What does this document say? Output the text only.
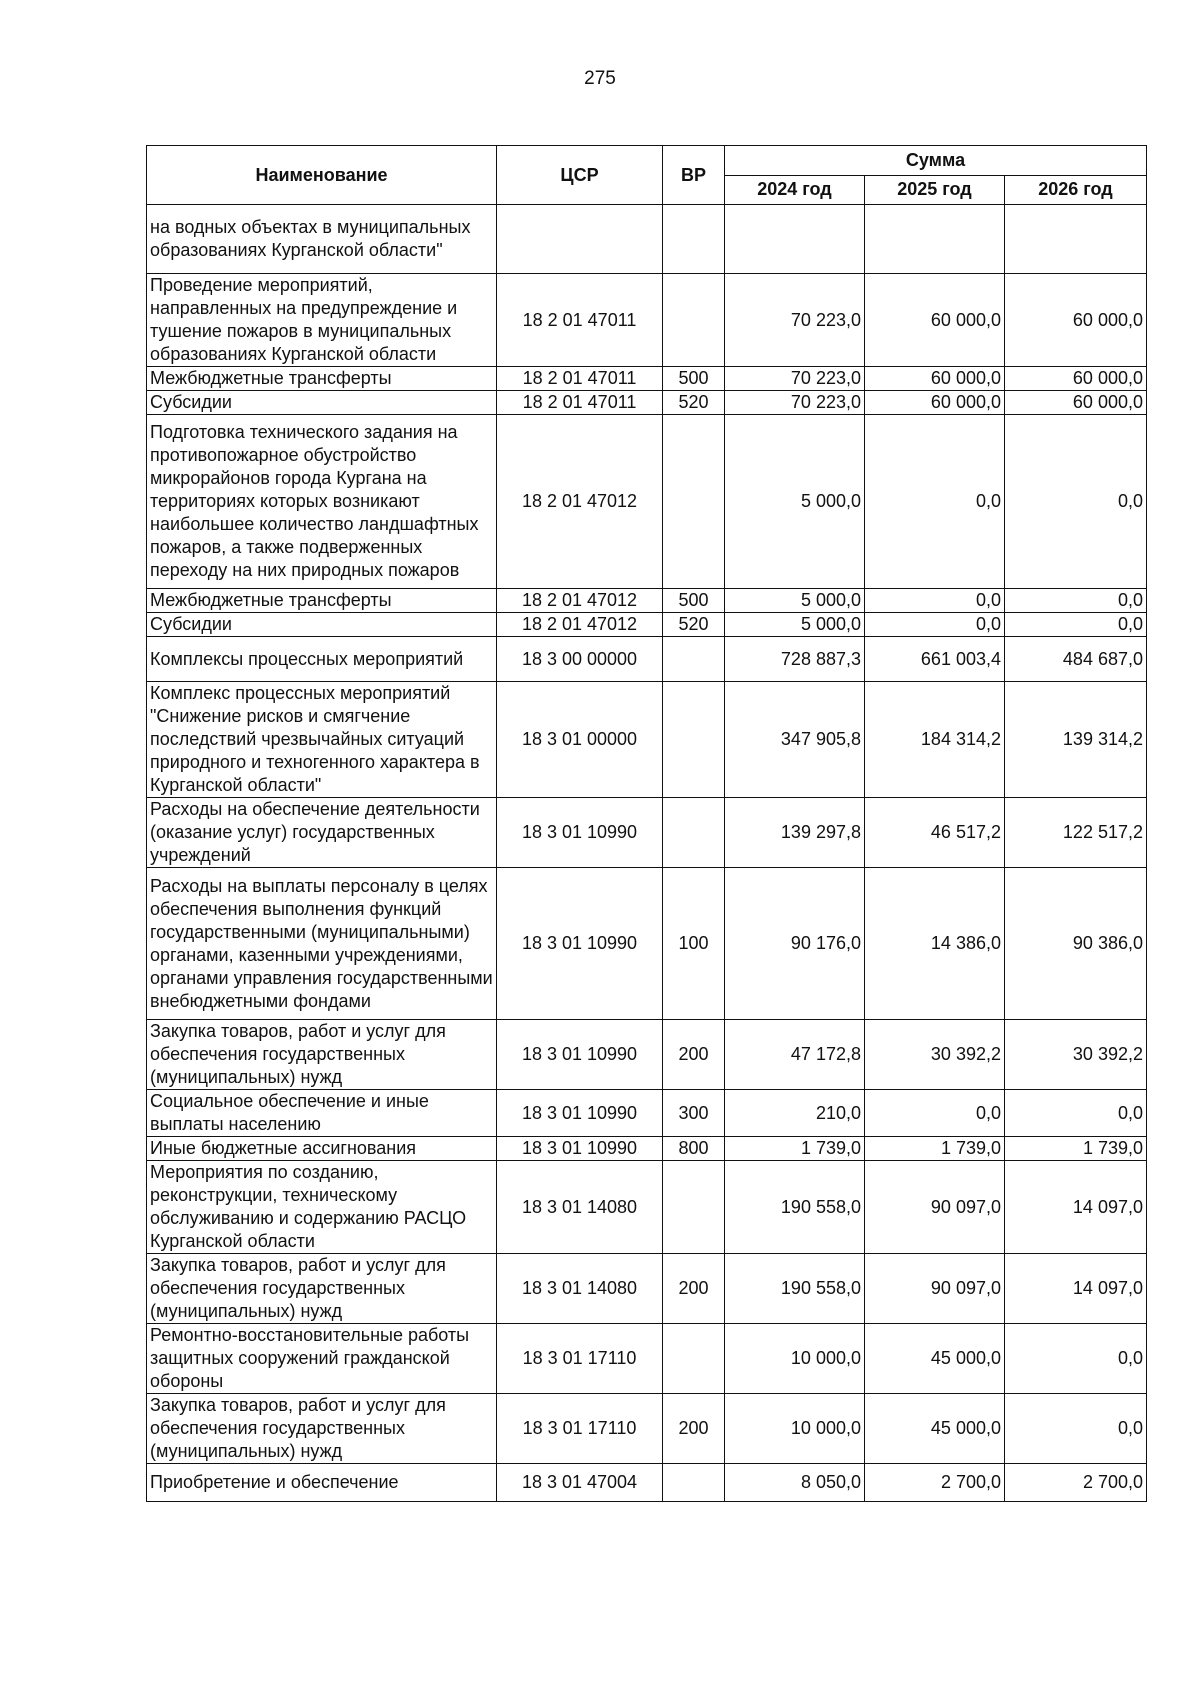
275
Наименование	ЦСР	ВР	Сумма		
			2024 год	2025 год	2026 год
на водных объектах в муниципальных образованиях Курганской области"					
Проведение мероприятий, направленных на предупреждение и тушение пожаров в муниципальных образованиях Курганской области	18 2 01 47011		70 223,0	60 000,0	60 000,0
Межбюджетные трансферты	18 2 01 47011	500	70 223,0	60 000,0	60 000,0
Субсидии	18 2 01 47011	520	70 223,0	60 000,0	60 000,0
Подготовка технического задания на противопожарное обустройство микрорайонов города Кургана на территориях которых возникают наибольшее количество ландшафтных пожаров, а также подверженных переходу на них природных пожаров	18 2 01 47012		5 000,0	0,0	0,0
Межбюджетные трансферты	18 2 01 47012	500	5 000,0	0,0	0,0
Субсидии	18 2 01 47012	520	5 000,0	0,0	0,0
Комплексы процессных мероприятий	18 3 00 00000		728 887,3	661 003,4	484 687,0
Комплекс процессных мероприятий "Снижение рисков и смягчение последствий чрезвычайных ситуаций природного и техногенного характера в Курганской области"	18 3 01 00000		347 905,8	184 314,2	139 314,2
Расходы на обеспечение деятельности (оказание услуг) государственных учреждений	18 3 01 10990		139 297,8	46 517,2	122 517,2
Расходы на выплаты персоналу в целях обеспечения выполнения функций государственными (муниципальными) органами, казенными учреждениями, органами управления государственными внебюджетными фондами	18 3 01 10990	100	90 176,0	14 386,0	90 386,0
Закупка товаров, работ и услуг для обеспечения государственных (муниципальных) нужд	18 3 01 10990	200	47 172,8	30 392,2	30 392,2
Социальное обеспечение и иные выплаты населению	18 3 01 10990	300	210,0	0,0	0,0
Иные бюджетные ассигнования	18 3 01 10990	800	1 739,0	1 739,0	1 739,0
Мероприятия по созданию, реконструкции, техническому обслуживанию и содержанию РАСЦО Курганской области	18 3 01 14080		190 558,0	90 097,0	14 097,0
Закупка товаров, работ и услуг для обеспечения государственных (муниципальных) нужд	18 3 01 14080	200	190 558,0	90 097,0	14 097,0
Ремонтно-восстановительные работы защитных сооружений гражданской обороны	18 3 01 17110		10 000,0	45 000,0	0,0
Закупка товаров, работ и услуг для обеспечения государственных (муниципальных) нужд	18 3 01 17110	200	10 000,0	45 000,0	0,0
Приобретение и обеспечение	18 3 01 47004		8 050,0	2 700,0	2 700,0
